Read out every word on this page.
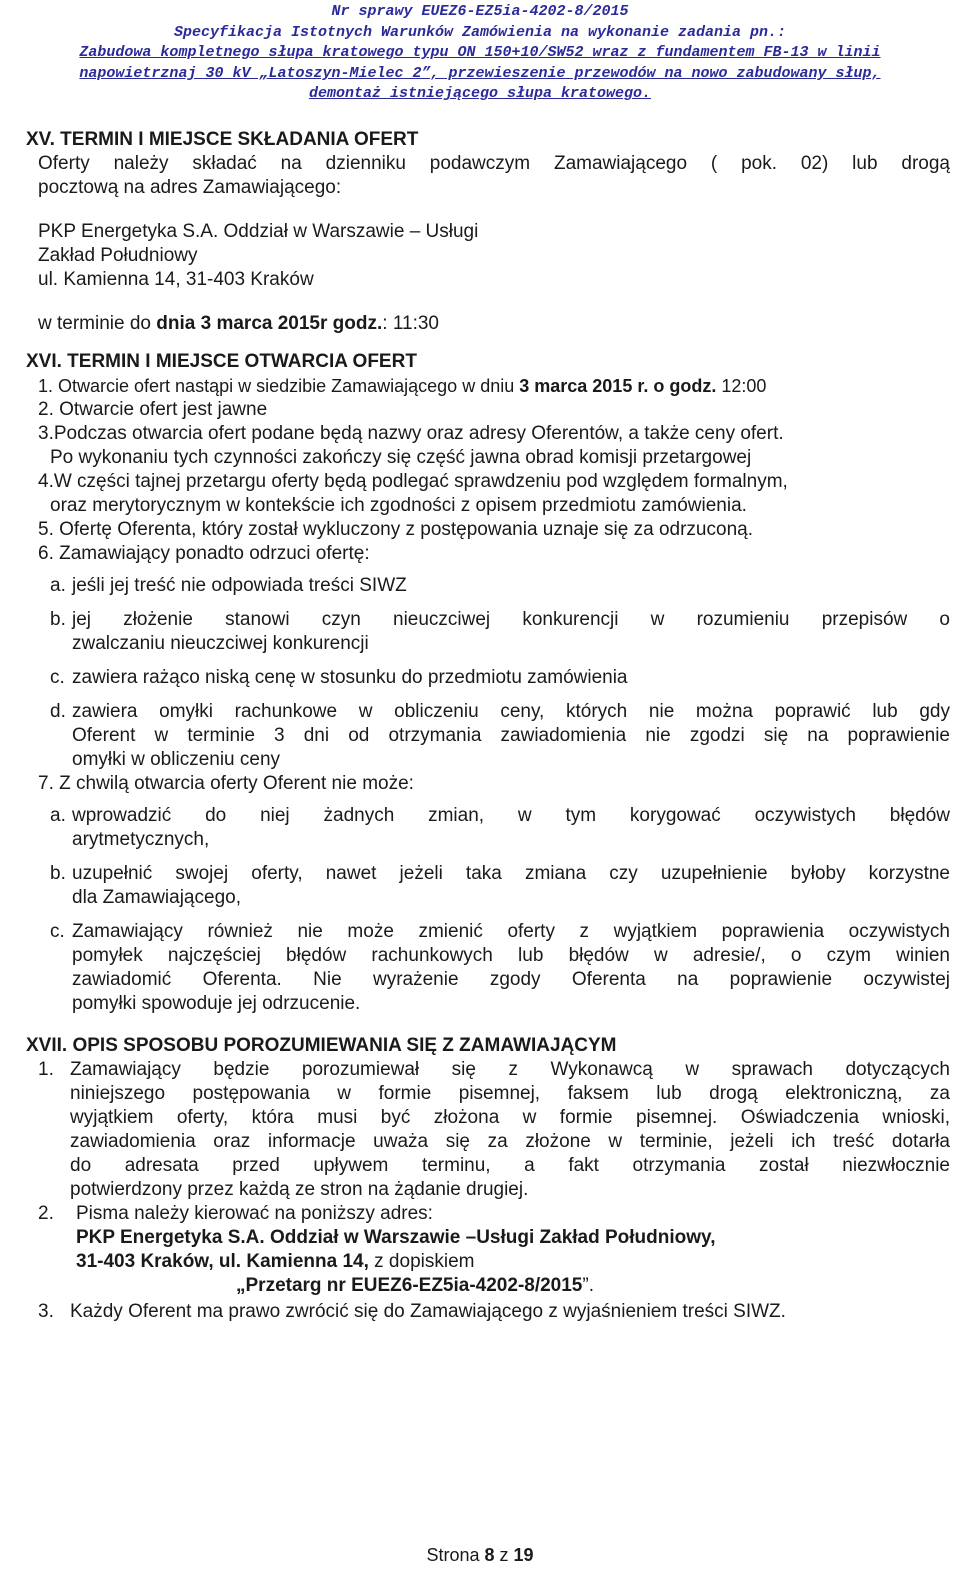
Nr sprawy EUEZ6-EZ5ia-4202-8/2015
Specyfikacja Istotnych Warunków Zamówienia na wykonanie zadania pn.:
Zabudowa kompletnego słupa kratowego typu ON 150+10/SW52 wraz z fundamentem FB-13 w linii
napowietrznaj 30 kV „Latoszyn-Mielec 2”, przewieszenie przewodów na nowo zabudowany słup,
demontaż istniejącego słupa kratowego.

XV. TERMIN I MIEJSCE SKŁADANIA OFERT

Oferty należy składać na dzienniku podawczym Zamawiającego ( pok. 02) lub drogą

pocztową na adres Zamawiającego:

PKP Energetyka S.A. Oddział w Warszawie – Usługi

Zakład Południowy

ul. Kamienna 14, 31-403 Kraków

w terminie do dnia 3 marca 2015r godz.: 11:30

XVI. TERMIN I MIEJSCE OTWARCIA OFERT

1. Otwarcie ofert nastąpi w siedzibie Zamawiającego w dniu 3 marca 2015 r. o godz. 12:00

2. Otwarcie ofert jest jawne

3.Podczas otwarcia ofert podane będą nazwy oraz adresy Oferentów, a także ceny ofert.

Po wykonaniu tych czynności zakończy się część jawna obrad komisji przetargowej

4.W części tajnej przetargu oferty będą podlegać sprawdzeniu pod względem formalnym,

oraz merytorycznym w kontekście ich zgodności z opisem przedmiotu zamówienia.

5. Ofertę Oferenta, który został wykluczony z postępowania uznaje się za odrzuconą.

6. Zamawiający ponadto odrzuci ofertę:

a. jeśli jej treść nie odpowiada treści SIWZ

b. jej złożenie stanowi czyn nieuczciwej konkurencji w rozumieniu przepisów o

zwalczaniu nieuczciwej konkurencji

c. zawiera rażąco niską cenę w stosunku do przedmiotu zamówienia

d. zawiera omyłki rachunkowe w obliczeniu ceny, których nie można poprawić lub gdy

Oferent w terminie 3 dni od otrzymania zawiadomienia nie zgodzi się na poprawienie

omyłki w obliczeniu ceny

7. Z chwilą otwarcia oferty Oferent nie może:

a. wprowadzić do niej żadnych zmian, w tym korygować oczywistych błędów

arytmetycznych,

b. uzupełnić swojej oferty, nawet jeżeli taka zmiana czy uzupełnienie byłoby korzystne

dla Zamawiającego,

c. Zamawiający również nie może zmienić oferty z wyjątkiem poprawienia oczywistych

pomyłek najczęściej błędów rachunkowych lub błędów w adresie/, o czym winien

zawiadomić Oferenta. Nie wyrażenie zgody Oferenta na poprawienie oczywistej

pomyłki spowoduje jej odrzucenie.

XVII. OPIS SPOSOBU POROZUMIEWANIA SIĘ Z ZAMAWIAJĄCYM

1. Zamawiający będzie porozumiewał się z Wykonawcą w sprawach dotyczących

niniejszego postępowania w formie pisemnej, faksem lub drogą elektroniczną, za

wyjątkiem oferty, która musi być złożona w formie pisemnej. Oświadczenia wnioski,

zawiadomienia oraz informacje uważa się za złożone w terminie, jeżeli ich treść dotarła

do adresata przed upływem terminu, a fakt otrzymania został niezwłocznie

potwierdzony przez każdą ze stron na żądanie drugiej.

2. Pisma należy kierować na poniższy adres:

PKP Energetyka S.A. Oddział w Warszawie –Usługi Zakład Południowy,

31-403 Kraków, ul. Kamienna 14, z dopiskiem

„Przetarg nr EUEZ6-EZ5ia-4202-8/2015”.

3. Każdy Oferent ma prawo zwrócić się do Zamawiającego z wyjaśnieniem treści SIWZ.

Strona 8 z 19
